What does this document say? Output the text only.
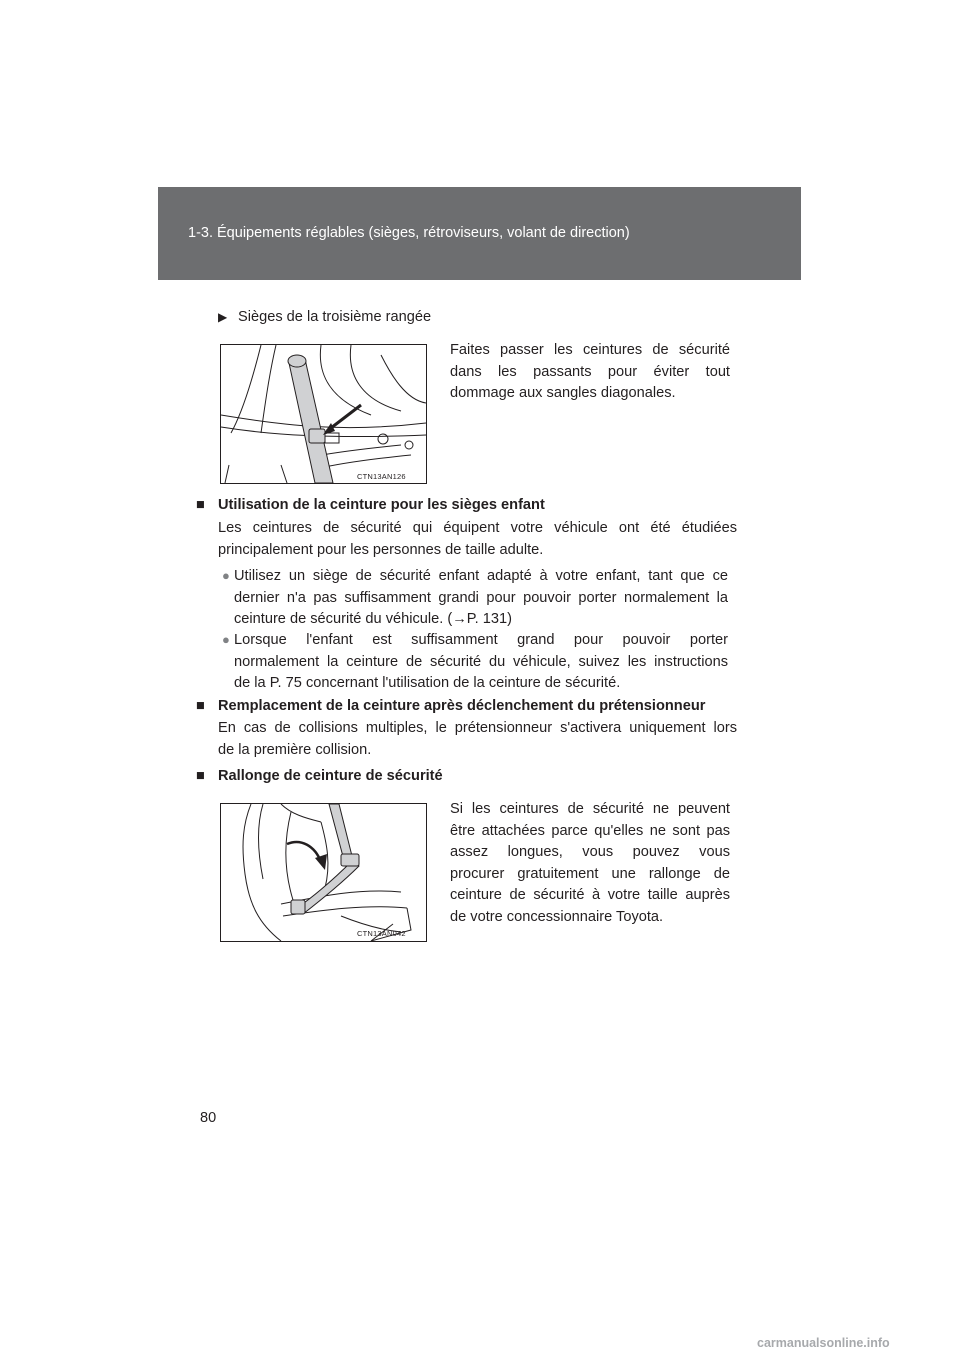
1-3. Équipements réglables (sièges, rétroviseurs, volant de direction)
▶ Sièges de la troisième rangée
CTN13AN126
Faites passer les ceintures de sécurité
dans les passants pour éviter tout
dommage aux sangles diagonales.
■ Utilisation de la ceinture pour les sièges enfant
Les ceintures de sécurité qui équipent votre véhicule ont été étudiées
principalement pour les personnes de taille adulte.
● Utilisez un siège de sécurité enfant adapté à votre enfant, tant que ce
dernier n'a pas suffisamment grandi pour pouvoir porter normalement la
ceinture de sécurité du véhicule. (→P. 131)
● Lorsque l'enfant est suffisamment grand pour pouvoir porter
normalement la ceinture de sécurité du véhicule, suivez les instructions
de la P. 75 concernant l'utilisation de la ceinture de sécurité.
■ Remplacement de la ceinture après déclenchement du prétensionneur
En cas de collisions multiples, le prétensionneur s'activera uniquement lors
de la première collision.
■ Rallonge de ceinture de sécurité
CTN13AN042
Si les ceintures de sécurité ne peuvent
être attachées parce qu'elles ne sont pas
assez longues, vous pouvez vous
procurer gratuitement une rallonge de
ceinture de sécurité à votre taille auprès
de votre concessionnaire Toyota.
80
carmanualsonline.info
